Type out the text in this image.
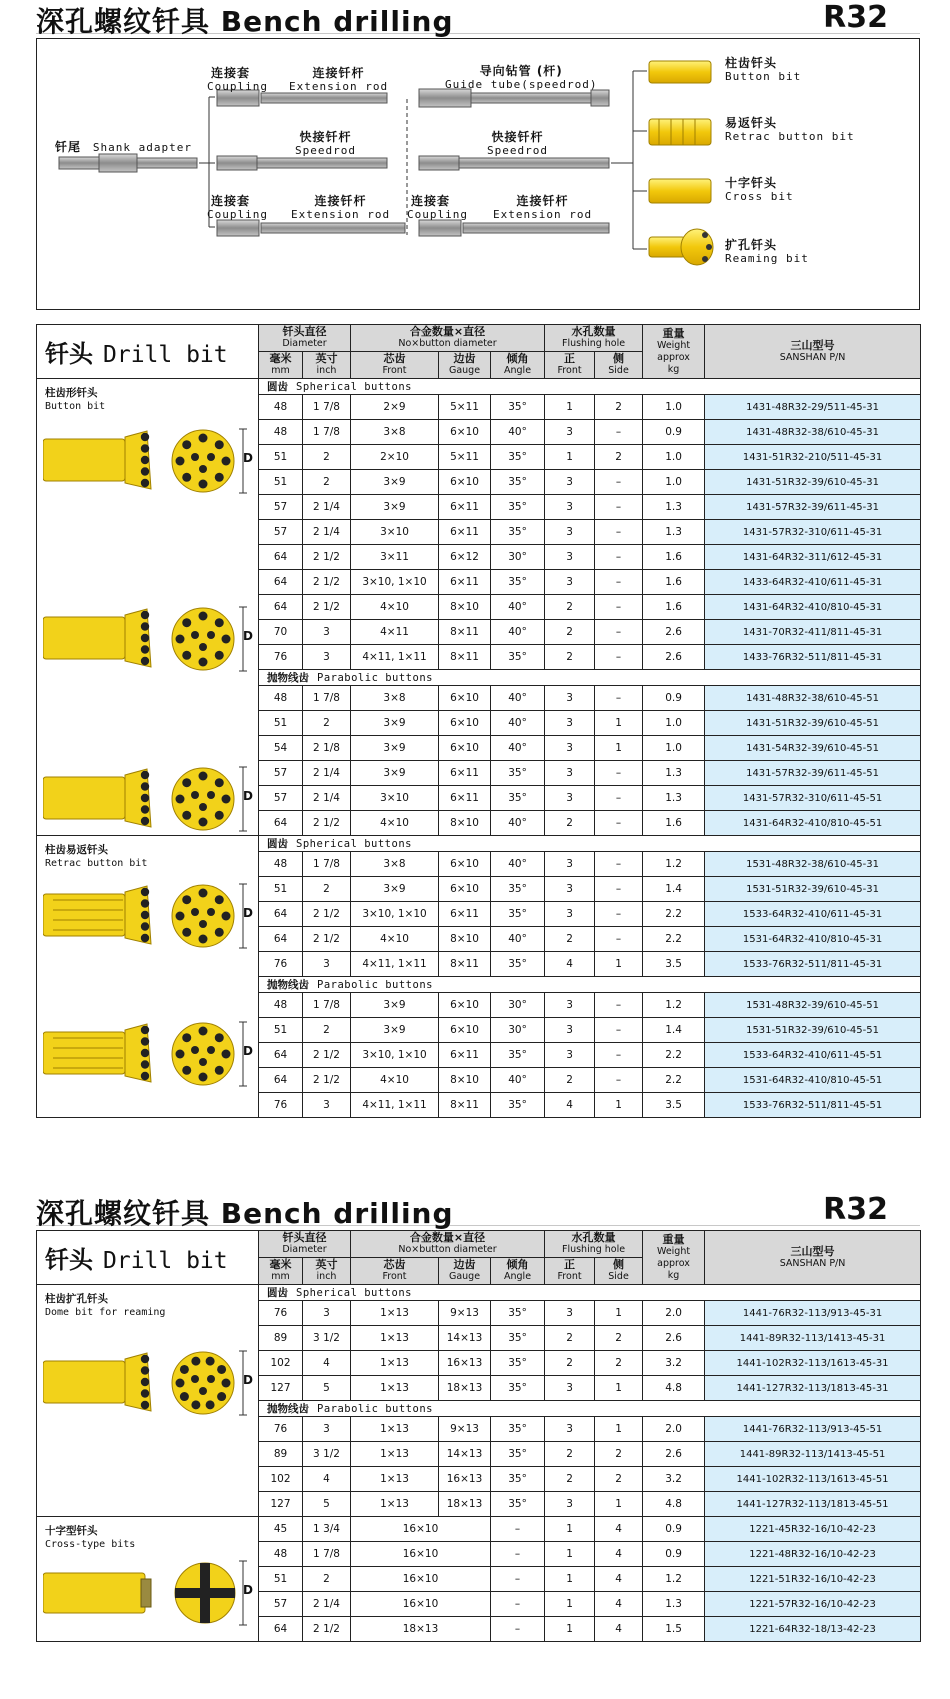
深孔螺纹钎具 Bench drilling	R32
钎尾 Shank adapter
连接套
Coupling
连接钎杆
Extension rod
导向钻管 (杆)
Guide tube(speedrod)
快接钎杆
Speedrod
快接钎杆
Speedrod
连接套
Coupling
连接钎杆
Extension rod
连接套
Coupling
连接钎杆
Extension rod
柱齿钎头
Button bit
易返钎头
Retrac button bit
十字钎头
Cross bit
扩孔钎头
Reaming bit
钎头 Drill bit	钎头直径
Diameter		合金数量×直径
No×button diameter			水孔数量
Flushing hole		重量
Weight
approx
kg	三山型号
SANSHAN P/N

	毫米
mm	英寸
inch	芯齿
Front	边齿
Gauge	倾角
Angle	正
Front	侧
Side		

柱齿形钎头
Button bit
D
D
D	圆齿 Spherical buttons								
	48	1 7/8	2×9	5×11	35°	1	2	1.0	1431-48R32-29/511-45-31
	48	1 7/8	3×8	6×10	40°	3	–	0.9	1431-48R32-38/610-45-31
	51	2	2×10	5×11	35°	1	2	1.0	1431-51R32-210/511-45-31
	51	2	3×9	6×10	35°	3	–	1.0	1431-51R32-39/610-45-31
	57	2 1/4	3×9	6×11	35°	3	–	1.3	1431-57R32-39/611-45-31
	57	2 1/4	3×10	6×11	35°	3	–	1.3	1431-57R32-310/611-45-31
	64	2 1/2	3×11	6×12	30°	3	–	1.6	1431-64R32-311/612-45-31
	64	2 1/2	3×10, 1×10	6×11	35°	3	–	1.6	1433-64R32-410/611-45-31
	64	2 1/2	4×10	8×10	40°	2	–	1.6	1431-64R32-410/810-45-31
	70	3	4×11	8×11	40°	2	–	2.6	1431-70R32-411/811-45-31
	76	3	4×11, 1×11	8×11	35°	2	–	2.6	1433-76R32-511/811-45-31
	抛物线齿 Parabolic buttons								
	48	1 7/8	3×8	6×10	40°	3	–	0.9	1431-48R32-38/610-45-51
	51	2	3×9	6×10	40°	3	1	1.0	1431-51R32-39/610-45-51
	54	2 1/8	3×9	6×10	40°	3	1	1.0	1431-54R32-39/610-45-51
	57	2 1/4	3×9	6×11	35°	3	–	1.3	1431-57R32-39/611-45-51
	57	2 1/4	3×10	6×11	35°	3	–	1.3	1431-57R32-310/611-45-51
	64	2 1/2	4×10	8×10	40°	2	–	1.6	1431-64R32-410/810-45-51

柱齿易返钎头
Retrac button bit
D
D	圆齿 Spherical buttons								
	48	1 7/8	3×8	6×10	40°	3	–	1.2	1531-48R32-38/610-45-31
	51	2	3×9	6×10	35°	3	–	1.4	1531-51R32-39/610-45-31
	64	2 1/2	3×10, 1×10	6×11	35°	3	–	2.2	1533-64R32-410/611-45-31
	64	2 1/2	4×10	8×10	40°	2	–	2.2	1531-64R32-410/810-45-31
	76	3	4×11, 1×11	8×11	35°	4	1	3.5	1533-76R32-511/811-45-31
	抛物线齿 Parabolic buttons								
	48	1 7/8	3×9	6×10	30°	3	–	1.2	1531-48R32-39/610-45-51
	51	2	3×9	6×10	30°	3	–	1.4	1531-51R32-39/610-45-51
	64	2 1/2	3×10, 1×10	6×11	35°	3	–	2.2	1533-64R32-410/611-45-51
	64	2 1/2	4×10	8×10	40°	2	–	2.2	1531-64R32-410/810-45-51
	76	3	4×11, 1×11	8×11	35°	4	1	3.5	1533-76R32-511/811-45-51
深孔螺纹钎具 Bench drilling	R32
钎头 Drill bit	钎头直径
Diameter		合金数量×直径
No×button diameter			水孔数量
Flushing hole		重量
Weight
approx
kg	三山型号
SANSHAN P/N

	毫米
mm	英寸
inch	芯齿
Front	边齿
Gauge	倾角
Angle	正
Front	侧
Side		

柱齿扩孔钎头
Dome bit for reaming
D	圆齿 Spherical buttons								
	76	3	1×13	9×13	35°	3	1	2.0	1441-76R32-113/913-45-31
	89	3 1/2	1×13	14×13	35°	2	2	2.6	1441-89R32-113/1413-45-31
	102	4	1×13	16×13	35°	2	2	3.2	1441-102R32-113/1613-45-31
	127	5	1×13	18×13	35°	3	1	4.8	1441-127R32-113/1813-45-31
	抛物线齿 Parabolic buttons								
	76	3	1×13	9×13	35°	3	1	2.0	1441-76R32-113/913-45-51
	89	3 1/2	1×13	14×13	35°	2	2	2.6	1441-89R32-113/1413-45-51
	102	4	1×13	16×13	35°	2	2	3.2	1441-102R32-113/1613-45-51
	127	5	1×13	18×13	35°	3	1	4.8	1441-127R32-113/1813-45-51

十字型钎头
Cross-type bits
D	45	1 3/4	16×10		–	1	4	0.9	1221-45R32-16/10-42-23
	48	1 7/8	16×10		–	1	4	0.9	1221-48R32-16/10-42-23
	51	2	16×10		–	1	4	1.2	1221-51R32-16/10-42-23
	57	2 1/4	16×10		–	1	4	1.3	1221-57R32-16/10-42-23
	64	2 1/2	18×13		–	1	4	1.5	1221-64R32-18/13-42-23
